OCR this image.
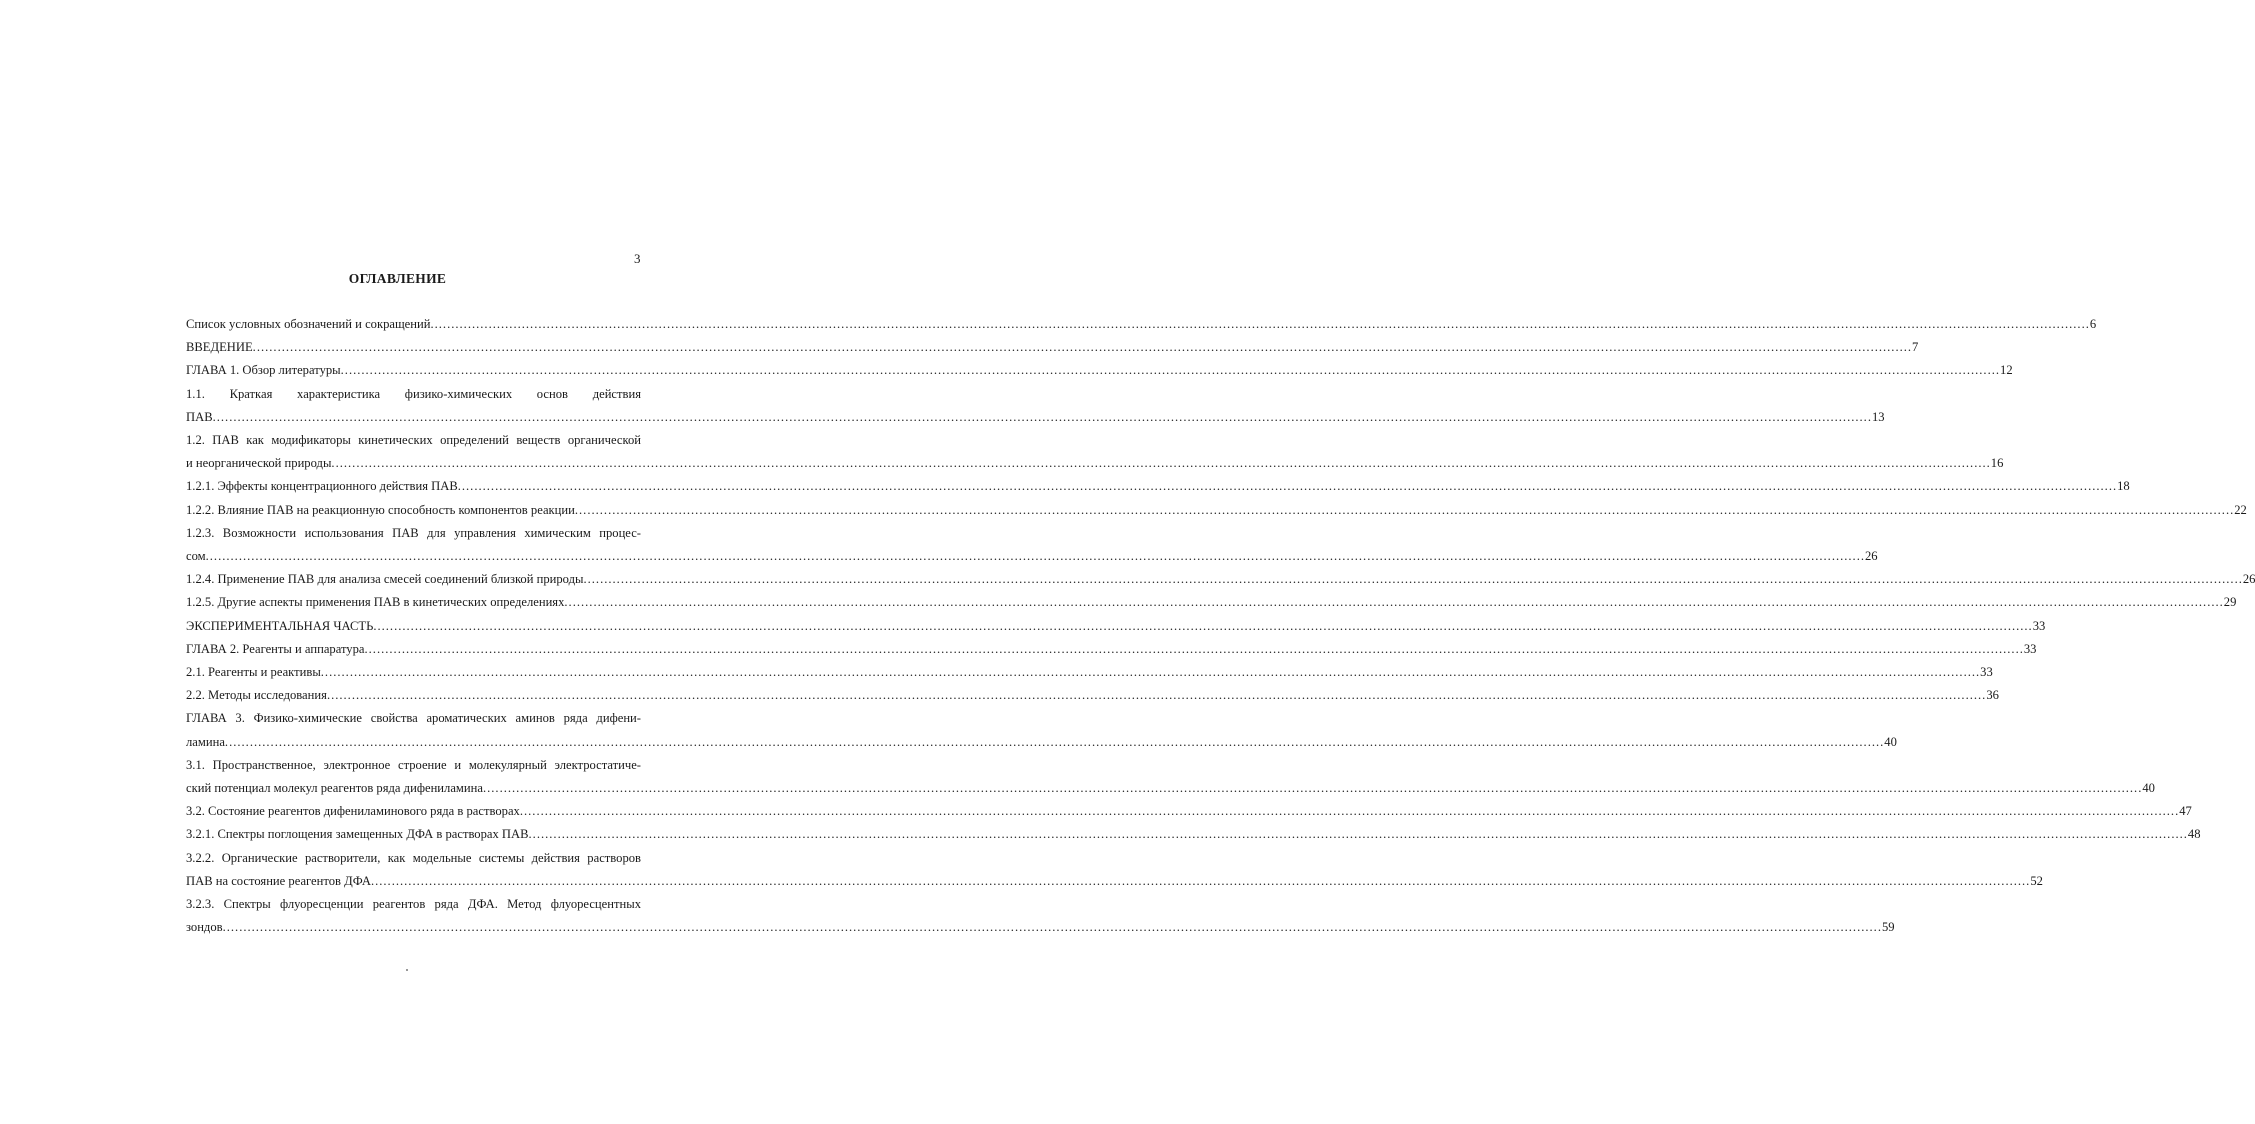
3
ОГЛАВЛЕНИЕ
Список условных обозначений и сокращений ................................................................................................................................................................................................................................................................................................................................................................................................................ 6
ВВЕДЕНИЕ ................................................................................................................................................................................................................................................................................................................................................................................................................ 7
ГЛАВА 1. Обзор литературы ................................................................................................................................................................................................................................................................................................................................................................................................................ 12
1.1. Краткая характеристика физико-химических основ действия
ПАВ ................................................................................................................................................................................................................................................................................................................................................................................................................ 13
1.2. ПАВ как модификаторы кинетических определений веществ органической
и неорганической природы ................................................................................................................................................................................................................................................................................................................................................................................................................ 16
1.2.1. Эффекты концентрационного действия ПАВ ................................................................................................................................................................................................................................................................................................................................................................................................................ 18
1.2.2. Влияние ПАВ на реакционную способность компонентов реакции ................................................................................................................................................................................................................................................................................................................................................................................................................ 22
1.2.3. Возможности использования ПАВ для управления химическим процес-
сом ................................................................................................................................................................................................................................................................................................................................................................................................................ 26
1.2.4. Применение ПАВ для анализа смесей соединений близкой природы ................................................................................................................................................................................................................................................................................................................................................................................................................ 26
1.2.5. Другие аспекты применения ПАВ в кинетических определениях ................................................................................................................................................................................................................................................................................................................................................................................................................ 29
ЭКСПЕРИМЕНТАЛЬНАЯ ЧАСТЬ ................................................................................................................................................................................................................................................................................................................................................................................................................ 33
ГЛАВА 2. Реагенты и аппаратура ................................................................................................................................................................................................................................................................................................................................................................................................................ 33
2.1. Реагенты и реактивы ................................................................................................................................................................................................................................................................................................................................................................................................................ 33
2.2. Методы исследования ................................................................................................................................................................................................................................................................................................................................................................................................................ 36
ГЛАВА 3. Физико-химические свойства ароматических аминов ряда дифени-
ламина ................................................................................................................................................................................................................................................................................................................................................................................................................ 40
3.1. Пространственное, электронное строение и молекулярный электростатиче-
ский потенциал молекул реагентов ряда дифениламина ................................................................................................................................................................................................................................................................................................................................................................................................................ 40
3.2. Состояние реагентов дифениламинового ряда в растворах ................................................................................................................................................................................................................................................................................................................................................................................................................ 47
3.2.1. Спектры поглощения замещенных ДФА в растворах ПАВ ................................................................................................................................................................................................................................................................................................................................................................................................................ 48
3.2.2. Органические растворители, как модельные системы действия растворов
ПАВ на состояние реагентов ДФА ................................................................................................................................................................................................................................................................................................................................................................................................................ 52
3.2.3. Спектры флуоресценции реагентов ряда ДФА. Метод флуоресцентных
зондов ................................................................................................................................................................................................................................................................................................................................................................................................................ 59
